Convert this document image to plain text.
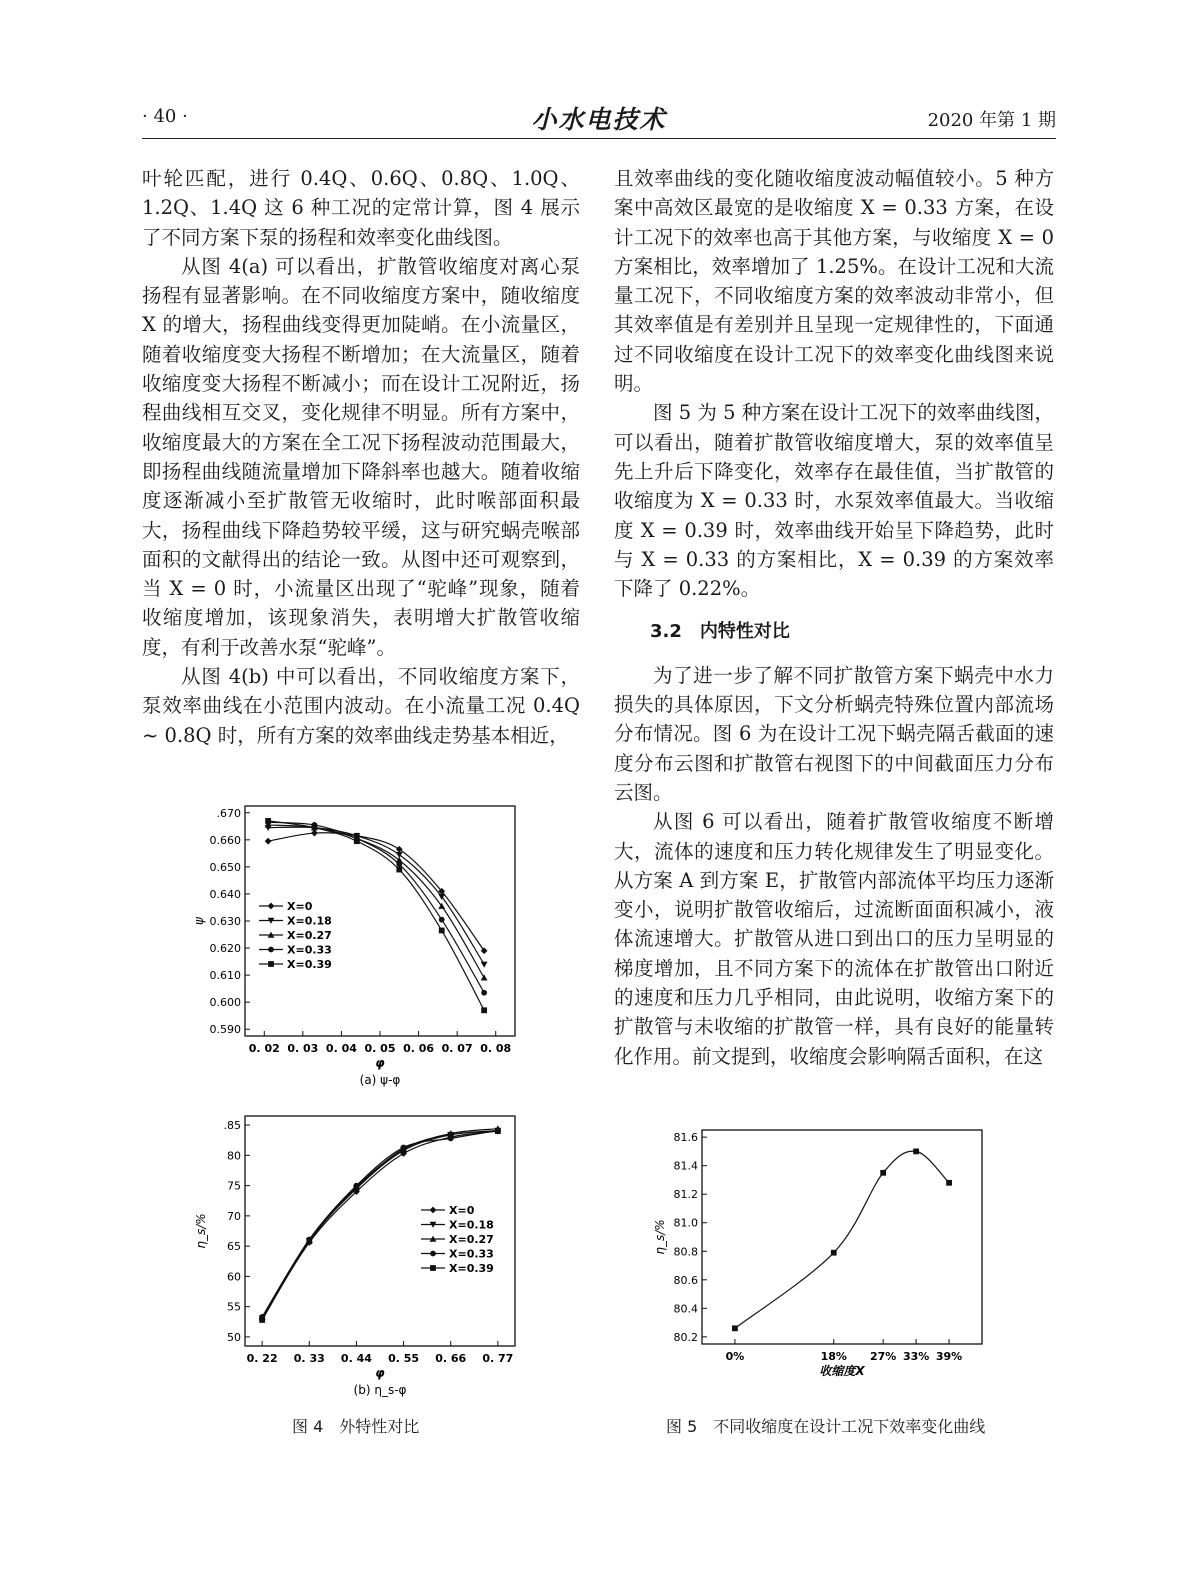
· 40 ·	小水电技术	2020 年第 1 期

叶轮匹配，进行 0.4Q、0.6Q、0.8Q、1.0Q、1.2Q、1.4Q 这 6 种工况的定常计算，图 4 展示了不同方案下泵的扬程和效率变化曲线图。

从图 4(a) 可以看出，扩散管收缩度对离心泵扬程有显著影响。在不同收缩度方案中，随收缩度 X 的增大，扬程曲线变得更加陡峭。在小流量区，随着收缩度变大扬程不断增加；在大流量区，随着收缩度变大扬程不断减小；而在设计工况附近，扬程曲线相互交叉，变化规律不明显。所有方案中，收缩度最大的方案在全工况下扬程波动范围最大，即扬程曲线随流量增加下降斜率也越大。随着收缩度逐渐减小至扩散管无收缩时，此时喉部面积最大，扬程曲线下降趋势较平缓，这与研究蜗壳喉部面积的文献得出的结论一致。从图中还可观察到，当 X = 0 时，小流量区出现了“驼峰”现象，随着收缩度增加，该现象消失，表明增大扩散管收缩度，有利于改善水泵“驼峰”。

从图 4(b) 中可以看出，不同收缩度方案下，泵效率曲线在小范围内波动。在小流量工况 0.4Q ~ 0.8Q 时，所有方案的效率曲线走势基本相近，

且效率曲线的变化随收缩度波动幅值较小。5 种方案中高效区最宽的是收缩度 X = 0.33 方案，在设计工况下的效率也高于其他方案，与收缩度 X = 0 方案相比，效率增加了 1.25%。在设计工况和大流量工况下，不同收缩度方案的效率波动非常小，但其效率值是有差别并且呈现一定规律性的，下面通过不同收缩度在设计工况下的效率变化曲线图来说明。

图 5 为 5 种方案在设计工况下的效率曲线图，可以看出，随着扩散管收缩度增大，泵的效率值呈先上升后下降变化，效率存在最佳值，当扩散管的收缩度为 X = 0.33 时，水泵效率值最大。当收缩度 X = 0.39 时，效率曲线开始呈下降趋势，此时与 X = 0.33 的方案相比，X = 0.39 的方案效率下降了 0.22%。

3.2　内特性对比

为了进一步了解不同扩散管方案下蜗壳中水力损失的具体原因，下文分析蜗壳特殊位置内部流场分布情况。图 6 为在设计工况下蜗壳隔舌截面的速度分布云图和扩散管右视图下的中间截面压力分布云图。

从图 6 可以看出，随着扩散管收缩度不断增大，流体的速度和压力转化规律发生了明显变化。从方案 A 到方案 E，扩散管内部流体平均压力逐渐变小，说明扩散管收缩后，过流断面面积减小，液体流速增大。扩散管从进口到出口的压力呈明显的梯度增加，且不同方案下的流体在扩散管出口附近的速度和压力几乎相同，由此说明，收缩方案下的扩散管与未收缩的扩散管一样，具有良好的能量转化作用。前文提到，收缩度会影响隔舌面积，在这

0.590
0.600
0.610
0.620
0.630
0.640
0.650
0.660
.670
0. 02 0. 03 0. 04 0. 05 0. 06 0. 07 0. 08
φ
ψ
(a) ψ-φ
X=0
X=0.18
X=0.27
X=0.33
X=0.39
50
55
60
65
70
75
80
.85
0. 22 0. 33 0. 44 0. 55 0. 66 0. 77
φ
η_s/%
(b) η_s-φ
X=0
X=0.18
X=0.27
X=0.33
X=0.39
80.2
80.4
80.6
80.8
81.0
81.2
81.4
81.6
0%	18% 27% 33% 39%
收缩度X
η_s/%
图 4　外特性对比	图 5　不同收缩度在设计工况下效率变化曲线
